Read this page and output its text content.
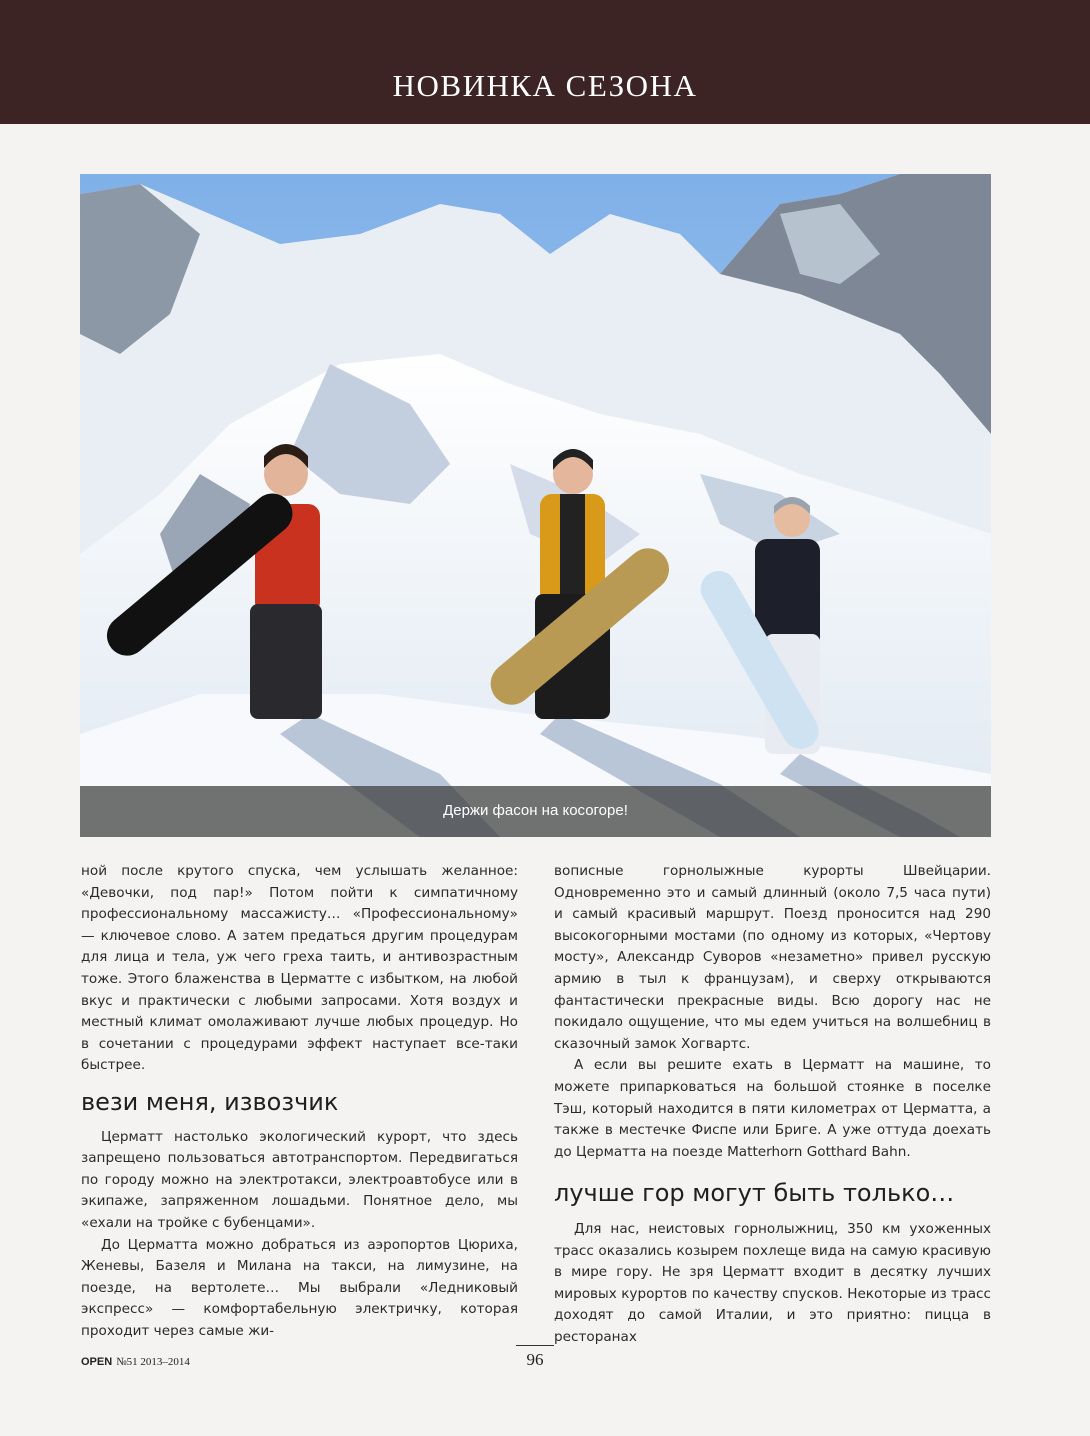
НОВИНКА СЕЗОНА
Держи фасон на косогоре!

ной после крутого спуска, чем услышать желанное: «Девочки, под пар!» Потом пойти к симпатичному профессиональному массажисту… «Профессиональному» — ключевое слово. А затем предаться другим процедурам для лица и тела, уж чего греха таить, и антивозрастным тоже. Этого блаженства в Церматте с избытком, на любой вкус и практически с любыми запросами. Хотя воздух и местный климат омолаживают лучше любых процедур. Но в сочетании с процедурами эффект наступает все-таки быстрее.

вези меня, извозчик

Церматт настолько экологический курорт, что здесь запрещено пользоваться автотранспортом. Передвигаться по городу можно на электротакси, электроавтобусе или в экипаже, запряженном лошадьми. Понятное дело, мы «ехали на тройке с бубенцами».

До Церматта можно добраться из аэропортов Цюриха, Женевы, Базеля и Милана на такси, на лимузине, на поезде, на вертолете… Мы выбрали «Ледниковый экспресс» — комфортабельную электричку, которая проходит через самые жи-

вописные горнолыжные курорты Швейцарии. Одновременно это и самый длинный (около 7,5 часа пути) и самый красивый маршрут. Поезд проносится над 290 высокогорными мостами (по одному из которых, «Чертову мосту», Александр Суворов «незаметно» привел русскую армию в тыл к французам), и сверху открываются фантастически прекрасные виды. Всю дорогу нас не покидало ощущение, что мы едем учиться на волшебниц в сказочный замок Хогвартс.

А если вы решите ехать в Церматт на машине, то можете припарковаться на большой стоянке в поселке Тэш, который находится в пяти километрах от Церматта, а также в местечке Фиспе или Бриге. А уже оттуда доехать до Церматта на поезде Matterhorn Gotthard Bahn.

лучше гор могут быть только…

Для нас, неистовых горнолыжниц, 350 км ухоженных трасс оказались козырем похлеще вида на самую красивую в мире гору. Не зря Церматт входит в десятку лучших мировых курортов по качеству спусков. Некоторые из трасс доходят до самой Италии, и это приятно: пицца в ресторанах

OPEN №51 2013–2014	96
